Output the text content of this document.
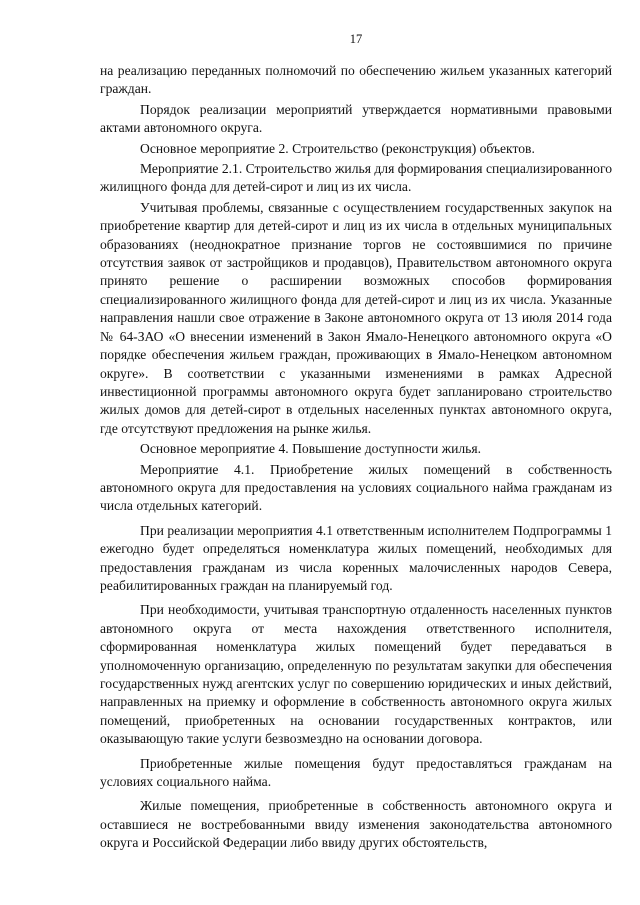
17

на реализацию переданных полномочий по обеспечению жильем указанных категорий граждан.

Порядок реализации мероприятий утверждается нормативными правовыми актами автономного округа.

Основное мероприятие 2. Строительство (реконструкция) объектов.

Мероприятие 2.1. Строительство жилья для формирования специализированного жилищного фонда для детей-сирот и лиц из их числа.

Учитывая проблемы, связанные с осуществлением государственных закупок на приобретение квартир для детей-сирот и лиц из их числа в отдельных муниципальных образованиях (неоднократное признание торгов не состоявшимися по причине отсутствия заявок от застройщиков и продавцов), Правительством автономного округа принято решение о расширении возможных способов формирования специализированного жилищного фонда для детей-сирот и лиц из их числа. Указанные направления нашли свое отражение в Законе автономного округа от 13 июля 2014 года № 64-ЗАО «О внесении изменений в Закон Ямало-Ненецкого автономного округа «О порядке обеспечения жильем граждан, проживающих в Ямало-Ненецком автономном округе». В соответствии с указанными изменениями в рамках Адресной инвестиционной программы автономного округа будет запланировано строительство жилых домов для детей-сирот в отдельных населенных пунктах автономного округа, где отсутствуют предложения на рынке жилья.

Основное мероприятие 4. Повышение доступности жилья.

Мероприятие 4.1. Приобретение жилых помещений в собственность автономного округа для предоставления на условиях социального найма гражданам из числа отдельных категорий.

При реализации мероприятия 4.1 ответственным исполнителем Подпрограммы 1 ежегодно будет определяться номенклатура жилых помещений, необходимых для предоставления гражданам из числа коренных малочисленных народов Севера, реабилитированных граждан на планируемый год.

При необходимости, учитывая транспортную отдаленность населенных пунктов автономного округа от места нахождения ответственного исполнителя, сформированная номенклатура жилых помещений будет передаваться в уполномоченную организацию, определенную по результатам закупки для обеспечения государственных нужд агентских услуг по совершению юридических и иных действий, направленных на приемку и оформление в собственность автономного округа жилых помещений, приобретенных на основании государственных контрактов, или оказывающую такие услуги безвозмездно на основании договора.

Приобретенные жилые помещения будут предоставляться гражданам на условиях социального найма.

Жилые помещения, приобретенные в собственность автономного округа и оставшиеся не востребованными ввиду изменения законодательства автономного округа и Российской Федерации либо ввиду других обстоятельств,
